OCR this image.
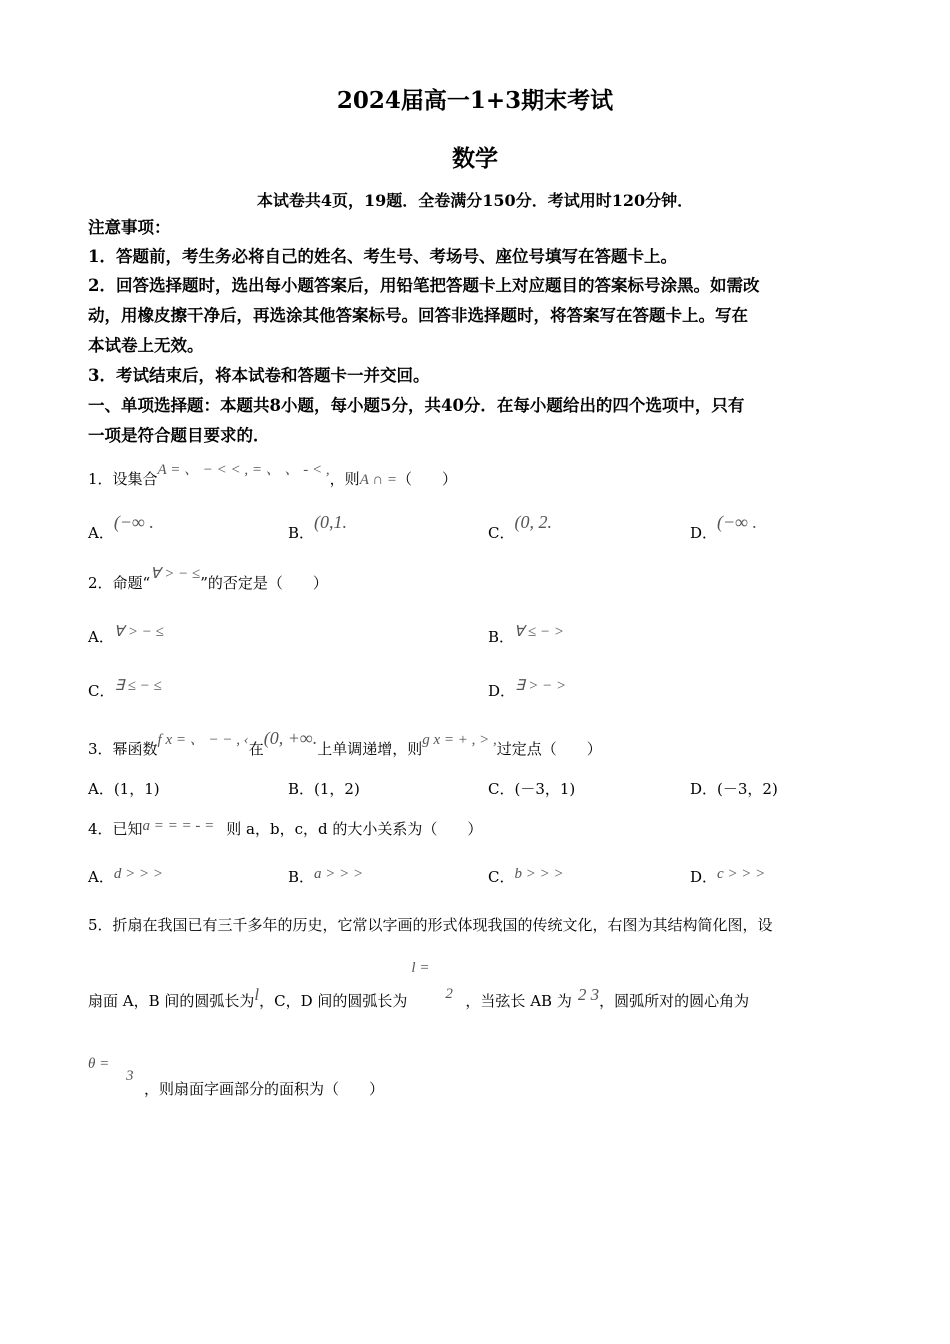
2024届高一1+3期末考试
数学
本试卷共4页，19题．全卷满分150分．考试用时120分钟．
注意事项：
1．答题前，考生务必将自己的姓名、考生号、考场号、座位号填写在答题卡上。
2．回答选择题时，选出每小题答案后，用铅笔把答题卡上对应题目的答案标号涂黑。如需改
动，用橡皮擦干净后，再选涂其他答案标号。回答非选择题时，将答案写在答题卡上。写在
本试卷上无效。
3．考试结束后，将本试卷和答题卡一并交回。
一、单项选择题：本题共8小题，每小题5分，共40分．在每小题给出的四个选项中，只有
一项是符合题目要求的．
1．设集合A = 、 − < < , = 、 、 - < ,，则A ∩ =（　　）
A．(−∞ .
B．(0,1.
C．(0, 2.
D．(−∞ .
2．命题“∀ > − ≤”的否定是（　　）
A．∀ > − ≤	B．∀ ≤ − >
C．∃ ≤ − ≤	D．∃ > − >
3．幂函数f x = 、 − − , ‹在(0, +∞.上单调递增，则g x = + , > ,过定点（　　）
A．(1，1)	B．(1，2)	C．(－3，1)	D．(－3，2)
4．已知a = = = - = 则 a，b，c，d 的大小关系为（　　）
A．d > > >	B．a > > >	C．b > > >	D．c > > >
5．折扇在我国已有三千多年的历史，它常以字画的形式体现我国的传统文化，右图为其结构简化图，设
扇面 A，B 间的圆弧长为l，C，D 间的圆弧长为
l =
2 ，当弦长 AB 为 2 3，圆弧所对的圆心角为
θ =
3
，则扇面字画部分的面积为（　　）
